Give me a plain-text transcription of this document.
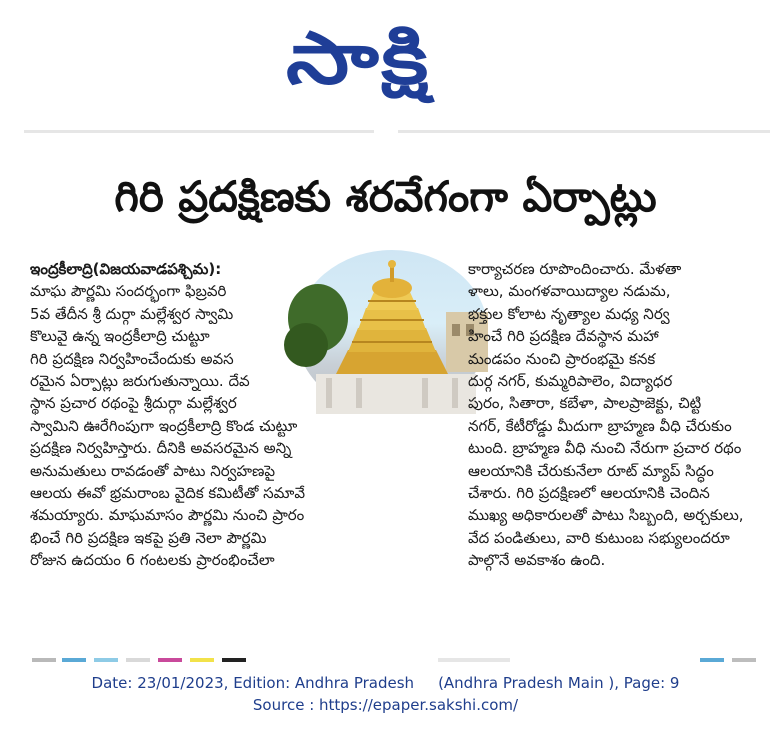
సాక్షి
గిరి ప్రదక్షిణకు శరవేగంగా ఏర్పాట్లు
ఇంద్రకీలాద్రి(విజయవాడపశ్చిమ):
మాఘ పౌర్ణమి సందర్భంగా ఫిబ్రవరి
5వ తేదీన శ్రీ దుర్గా మల్లేశ్వర స్వామి
కొలువై ఉన్న ఇంద్రకీలాద్రి చుట్టూ
గిరి ప్రదక్షిణ నిర్వహించేందుకు అవస
రమైన ఏర్పాట్లు జరుగుతున్నాయి. దేవ
స్థాన ప్రచార రథంపై శ్రీదుర్గా మల్లేశ్వర
స్వామిని ఊరేగింపుగా ఇంద్రకీలాద్రి కొండ చుట్టూ
ప్రదక్షిణ నిర్వహిస్తారు. దీనికి అవసరమైన అన్ని
అనుమతులు రావడంతో పాటు నిర్వహణపై
ఆలయ ఈవో భ్రమరాంబ వైదిక కమిటీతో సమావే
శమయ్యారు. మాఘమాసం పౌర్ణమి నుంచి ప్రారం
భించే గిరి ప్రదక్షిణ ఇకపై ప్రతి నెలా పౌర్ణమి
రోజున ఉదయం 6 గంటలకు ప్రారంభించేలా
కార్యాచరణ రూపొందించారు. మేళతా
ళాలు, మంగళవాయిద్యాల నడుమ,
భక్తుల కోలాట నృత్యాల మధ్య నిర్వ
హించే గిరి ప్రదక్షిణ దేవస్థాన మహా
మండపం నుంచి ప్రారంభమై కనక
దుర్గ నగర్, కుమ్మరిపాలెం, విద్యాధర
పురం, సితారా, కబేళా, పాలప్రాజెక్టు, చిట్టి
నగర్, కేటీరోడ్డు మీదుగా బ్రాహ్మణ వీధి చేరుకుం
టుంది. బ్రాహ్మణ వీధి నుంచి నేరుగా ప్రచార రథం
ఆలయానికి చేరుకునేలా రూట్ మ్యాప్ సిద్ధం
చేశారు. గిరి ప్రదక్షిణలో ఆలయానికి చెందిన
ముఖ్య అధికారులతో పాటు సిబ్బంది, అర్చకులు,
వేద పండితులు, వారి కుటుంబ సభ్యులందరూ
పాల్గొనే అవకాశం ఉంది.
Date: 23/01/2023, Edition: Andhra Pradesh (Andhra Pradesh Main ), Page: 9
Source : https://epaper.sakshi.com/
